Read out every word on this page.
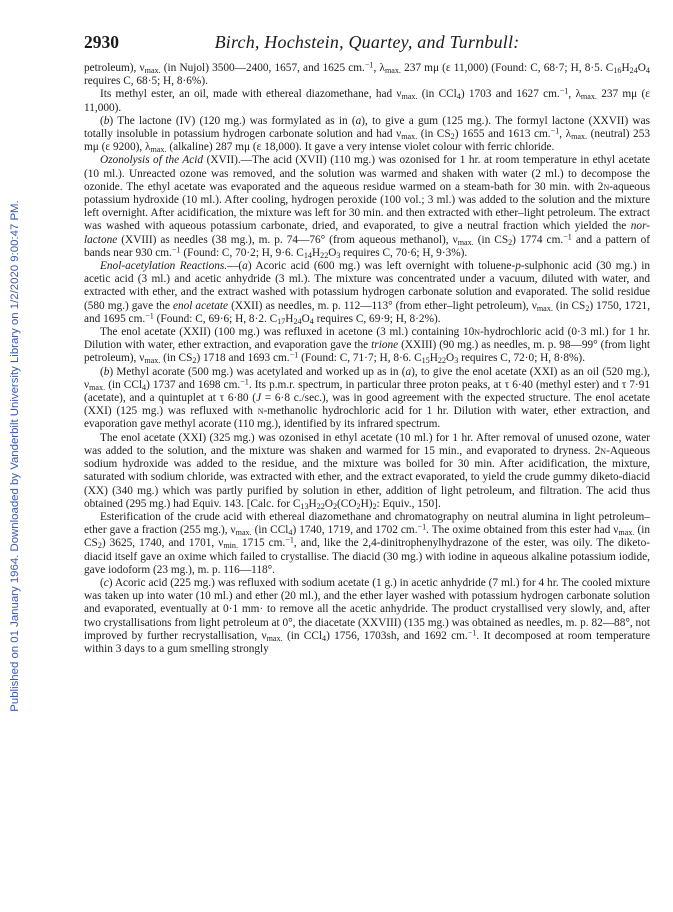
Published on 01 January 1964. Downloaded by Vanderbilt University Library on 1/2/2020 9:00:47 PM.
2930	Birch, Hochstein, Quartey, and Turnbull:

petroleum), $\nu_{max.}$ (in Nujol) 3500—2400, 1657, and 1625 cm.$^{-1}$, $\lambda_{max.}$ 237 mμ (ε 11,000) (Found: C, 68·7; H, 8·5. $C_{16}H_{24}O_4$ requires C, 68·5; H, 8·6%).

Its methyl ester, an oil, made with ethereal diazomethane, had $\nu_{max.}$ (in CCl$_4$) 1703 and 1627 cm.$^{-1}$, $\lambda_{max.}$ 237 mμ (ε 11,000).

(b) The lactone (IV) (120 mg.) was formylated as in (a), to give a gum (125 mg.). The formyl lactone (XXVII) was totally insoluble in potassium hydrogen carbonate solution and had $\nu_{max.}$ (in $CS_2$) 1655 and 1613 cm.$^{-1}$, $\lambda_{max.}$ (neutral) 253 mμ (ε 9200), $\lambda_{max.}$ (alkaline) 287 mμ (ε 18,000). It gave a very intense violet colour with ferric chloride.

Ozonolysis of the Acid (XVII).—The acid (XVII) (110 mg.) was ozonised for 1 hr. at room temperature in ethyl acetate (10 ml.). Unreacted ozone was removed, and the solution was warmed and shaken with water (2 ml.) to decompose the ozonide. The ethyl acetate was evaporated and the aqueous residue warmed on a steam-bath for 30 min. with 2n-aqueous potassium hydroxide (10 ml.). After cooling, hydrogen peroxide (100 vol.; 3 ml.) was added to the solution and the mixture left overnight. After acidification, the mixture was left for 30 min. and then extracted with ether–light petroleum. The extract was washed with aqueous potassium carbonate, dried, and evaporated, to give a neutral fraction which yielded the nor-lactone (XVIII) as needles (38 mg.), m. p. 74—76° (from aqueous methanol), $\nu_{max.}$ (in $CS_2$) 1774 cm.$^{-1}$ and a pattern of bands near 930 cm.$^{-1}$ (Found: C, 70·2; H, 9·6. $C_{14}H_{22}O_3$ requires C, 70·6; H, 9·3%).

Enol-acetylation Reactions.—(a) Acoric acid (600 mg.) was left overnight with toluene-p-sulphonic acid (30 mg.) in acetic acid (3 ml.) and acetic anhydride (3 ml.). The mixture was concentrated under a vacuum, diluted with water, and extracted with ether, and the extract washed with potassium hydrogen carbonate solution and evaporated. The solid residue (580 mg.) gave the enol acetate (XXII) as needles, m. p. 112—113° (from ether–light petroleum), $\nu_{max.}$ (in $CS_2$) 1750, 1721, and 1695 cm.$^{-1}$ (Found: C, 69·6; H, 8·2. $C_{17}H_{24}O_4$ requires C, 69·9; H, 8·2%).

The enol acetate (XXII) (100 mg.) was refluxed in acetone (3 ml.) containing 10n-hydrochloric acid (0·3 ml.) for 1 hr. Dilution with water, ether extraction, and evaporation gave the trione (XXIII) (90 mg.) as needles, m. p. 98—99° (from light petroleum), $\nu_{max.}$ (in $CS_2$) 1718 and 1693 cm.$^{-1}$ (Found: C, 71·7; H, 8·6. $C_{15}H_{22}O_3$ requires C, 72·0; H, 8·8%).

(b) Methyl acorate (500 mg.) was acetylated and worked up as in (a), to give the enol acetate (XXI) as an oil (520 mg.), $\nu_{max.}$ (in CCl$_4$) 1737 and 1698 cm.$^{-1}$. Its p.m.r. spectrum, in particular three proton peaks, at τ 6·40 (methyl ester) and τ 7·91 (acetate), and a quintuplet at τ 6·80 (J = 6·8 c./sec.), was in good agreement with the expected structure. The enol acetate (XXI) (125 mg.) was refluxed with n-methanolic hydrochloric acid for 1 hr. Dilution with water, ether extraction, and evaporation gave methyl acorate (110 mg.), identified by its infrared spectrum.

The enol acetate (XXI) (325 mg.) was ozonised in ethyl acetate (10 ml.) for 1 hr. After removal of unused ozone, water was added to the solution, and the mixture was shaken and warmed for 15 min., and evaporated to dryness. 2n-Aqueous sodium hydroxide was added to the residue, and the mixture was boiled for 30 min. After acidification, the mixture, saturated with sodium chloride, was extracted with ether, and the extract evaporated, to yield the crude gummy diketo-diacid (XX) (340 mg.) which was partly purified by solution in ether, addition of light petroleum, and filtration. The acid thus obtained (295 mg.) had Equiv. 143. [Calc. for $C_{13}H_{22}O_2(CO_2H)_2$: Equiv., 150].

Esterification of the crude acid with ethereal diazomethane and chromatography on neutral alumina in light petroleum–ether gave a fraction (255 mg.), $\nu_{max.}$ (in CCl$_4$) 1740, 1719, and 1702 cm.$^{-1}$. The oxime obtained from this ester had $\nu_{max.}$ (in $CS_2$) 3625, 1740, and 1701, $\nu_{min.}$ 1715 cm.$^{-1}$, and, like the 2,4-dinitrophenylhydrazone of the ester, was oily. The diketo-diacid itself gave an oxime which failed to crystallise. The diacid (30 mg.) with iodine in aqueous alkaline potassium iodide, gave iodoform (23 mg.), m. p. 116—118°.

(c) Acoric acid (225 mg.) was refluxed with sodium acetate (1 g.) in acetic anhydride (7 ml.) for 4 hr. The cooled mixture was taken up into water (10 ml.) and ether (20 ml.), and the ether layer washed with potassium hydrogen carbonate solution and evaporated, eventually at 0·1 mm· to remove all the acetic anhydride. The product crystallised very slowly, and, after two crystallisations from light petroleum at 0°, the diacetate (XXVIII) (135 mg.) was obtained as needles, m. p. 82—88°, not improved by further recrystallisation, $\nu_{max.}$ (in CCl$_4$) 1756, 1703sh, and 1692 cm.$^{-1}$. It decomposed at room temperature within 3 days to a gum smelling strongly
